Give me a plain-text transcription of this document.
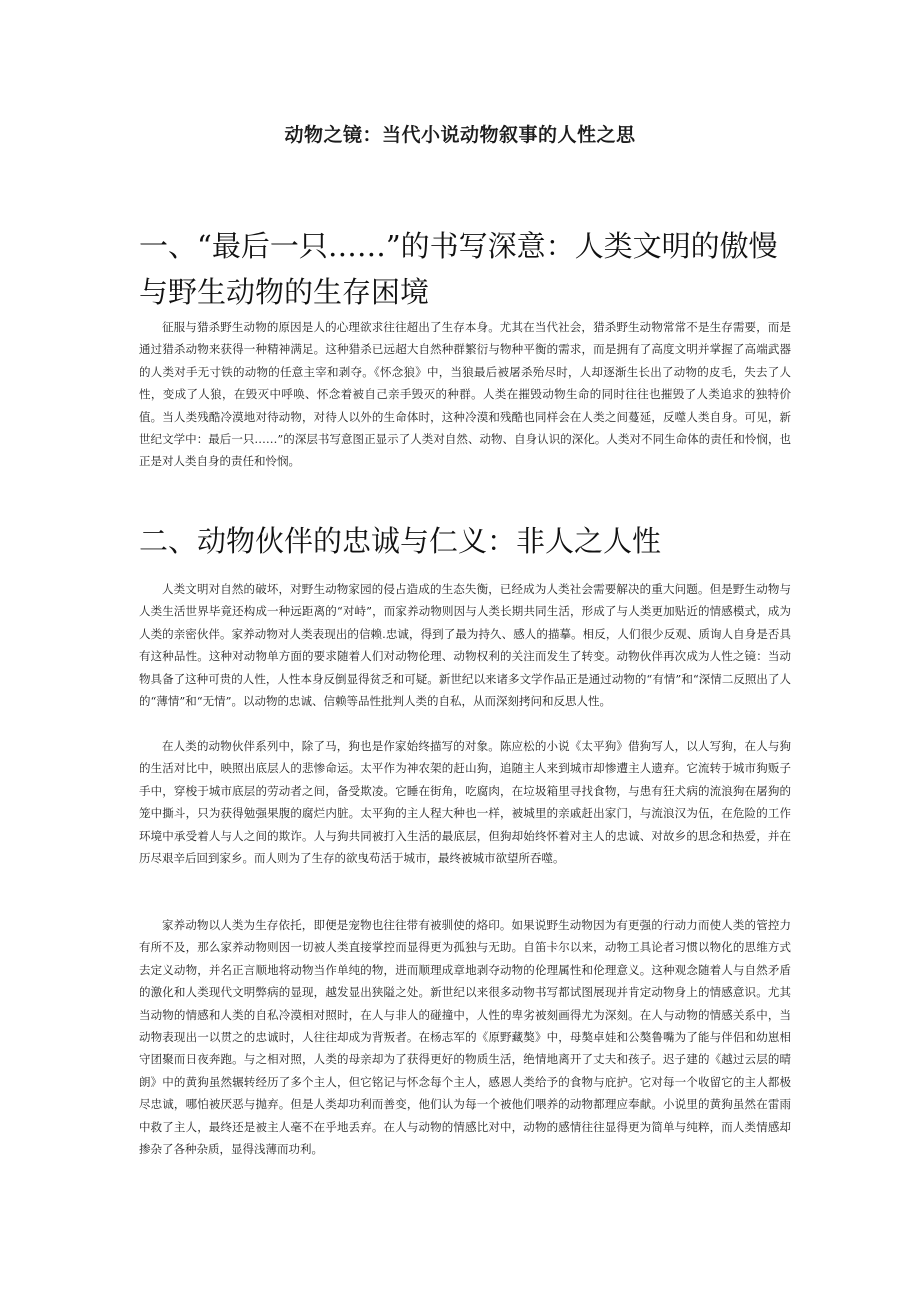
动物之镜：当代小说动物叙事的人性之思
一、“最后一只……”的书写深意：人类文明的傲慢与野生动物的生存困境

征服与猎杀野生动物的原因是人的心理欲求往往超出了生存本身。尤其在当代社会，猎杀野生动物常常不是生存需要，而是通过猎杀动物来获得一种精神满足。这种猎杀已远超大自然种群繁衍与物种平衡的需求，而是拥有了高度文明并掌握了高端武器的人类对手无寸铁的动物的任意主宰和剥夺。《怀念狼》中，当狼最后被屠杀殆尽时，人却逐渐生长出了动物的皮毛，失去了人性，变成了人狼，在毁灭中呼唤、怀念着被自己亲手毁灭的种群。人类在摧毁动物生命的同时往往也摧毁了人类追求的独特价值。当人类残酷冷漠地对待动物，对待人以外的生命体时，这种冷漠和残酷也同样会在人类之间蔓延，反噬人类自身。可见，新世纪文学中：最后一只……”的深层书写意图正显示了人类对自然、动物、自身认识的深化。人类对不同生命体的责任和怜悯，也正是对人类自身的责任和怜悯。

二、动物伙伴的忠诚与仁义：非人之人性

人类文明对自然的破坏，对野生动物家园的侵占造成的生态失衡，已经成为人类社会需要解决的重大问题。但是野生动物与人类生活世界毕竟还构成一种远距离的“对峙”，而家养动物则因与人类长期共同生活，形成了与人类更加贴近的情感模式，成为人类的亲密伙伴。家养动物对人类表现出的信赖.忠诚，得到了最为持久、感人的描摹。相反，人们很少反观、质询人自身是否具有这种品性。这种对动物单方面的要求随着人们对动物伦理、动物权利的关注而发生了转变。动物伙伴再次成为人性之镜：当动物具备了这种可贵的人性，人性本身反倒显得贫乏和可疑。新世纪以来诸多文学作品正是通过动物的“有情”和“深情二反照出了人的“薄情”和“无情”。以动物的忠诚、信赖等品性批判人类的自私，从而深刻拷问和反思人性。

在人类的动物伙伴系列中，除了马，狗也是作家始终描写的对象。陈应松的小说《太平狗》借狗写人，以人写狗，在人与狗的生活对比中，映照出底层人的悲惨命运。太平作为神农架的赶山狗，追随主人来到城市却惨遭主人遗弃。它流转于城市狗贩子手中，穿梭于城市底层的劳动者之间，备受欺凌。它睡在街角，吃腐肉，在垃圾箱里寻找食物，与患有狂犬病的流浪狗在屠狗的笼中撕斗，只为获得勉强果腹的腐烂内脏。太平狗的主人程大种也一样，被城里的亲戚赶出家门，与流浪汉为伍，在危险的工作环境中承受着人与人之间的欺诈。人与狗共同被打入生活的最底层，但狗却始终怀着对主人的忠诚、对故乡的思念和热爱，并在历尽艰辛后回到家乡。而人则为了生存的欲曳苟活于城市，最终被城市欲望所吞噬。

家养动物以人类为生存依托，即便是宠物也往往带有被驯使的烙印。如果说野生动物因为有更强的行动力而使人类的管控力有所不及，那么家养动物则因一切被人类直接掌控而显得更为孤独与无助。自笛卡尔以来，动物工具论者习惯以物化的思维方式去定义动物，并名正言顺地将动物当作单纯的物，进而顺理成章地剥夺动物的伦理属性和伦理意义。这种观念随着人与自然矛盾的激化和人类现代文明弊病的显现，越发显出狭隘之处。新世纪以来很多动物书写都试图展现并肯定动物身上的情感意识。尤其当动物的情感和人类的自私冷漠相对照时，在人与非人的碰撞中，人性的卑劣被刻画得尤为深刻。在人与动物的情感关系中，当动物表现出一以贯之的忠诚时，人往往却成为背叛者。在杨志军的《原野藏獒》中，母獒卓娃和公獒鲁嘴为了能与伴侣和幼崽相守团聚而日夜奔跑。与之相对照，人类的母亲却为了获得更好的物质生活，绝情地离开了丈夫和孩子。迟子建的《越过云层的晴朗》中的黄狗虽然辗转经历了多个主人，但它铭记与怀念每个主人，感恩人类给予的食物与庇护。它对每一个收留它的主人都极尽忠诚，哪怕被厌恶与抛弃。但是人类却功利而善变，他们认为每一个被他们喂养的动物都理应奉献。小说里的黄狗虽然在雷雨中救了主人，最终还是被主人毫不在乎地丢弃。在人与动物的情感比对中，动物的感情往往显得更为简单与纯粹，而人类情感却掺杂了各种杂质，显得浅薄而功利。
